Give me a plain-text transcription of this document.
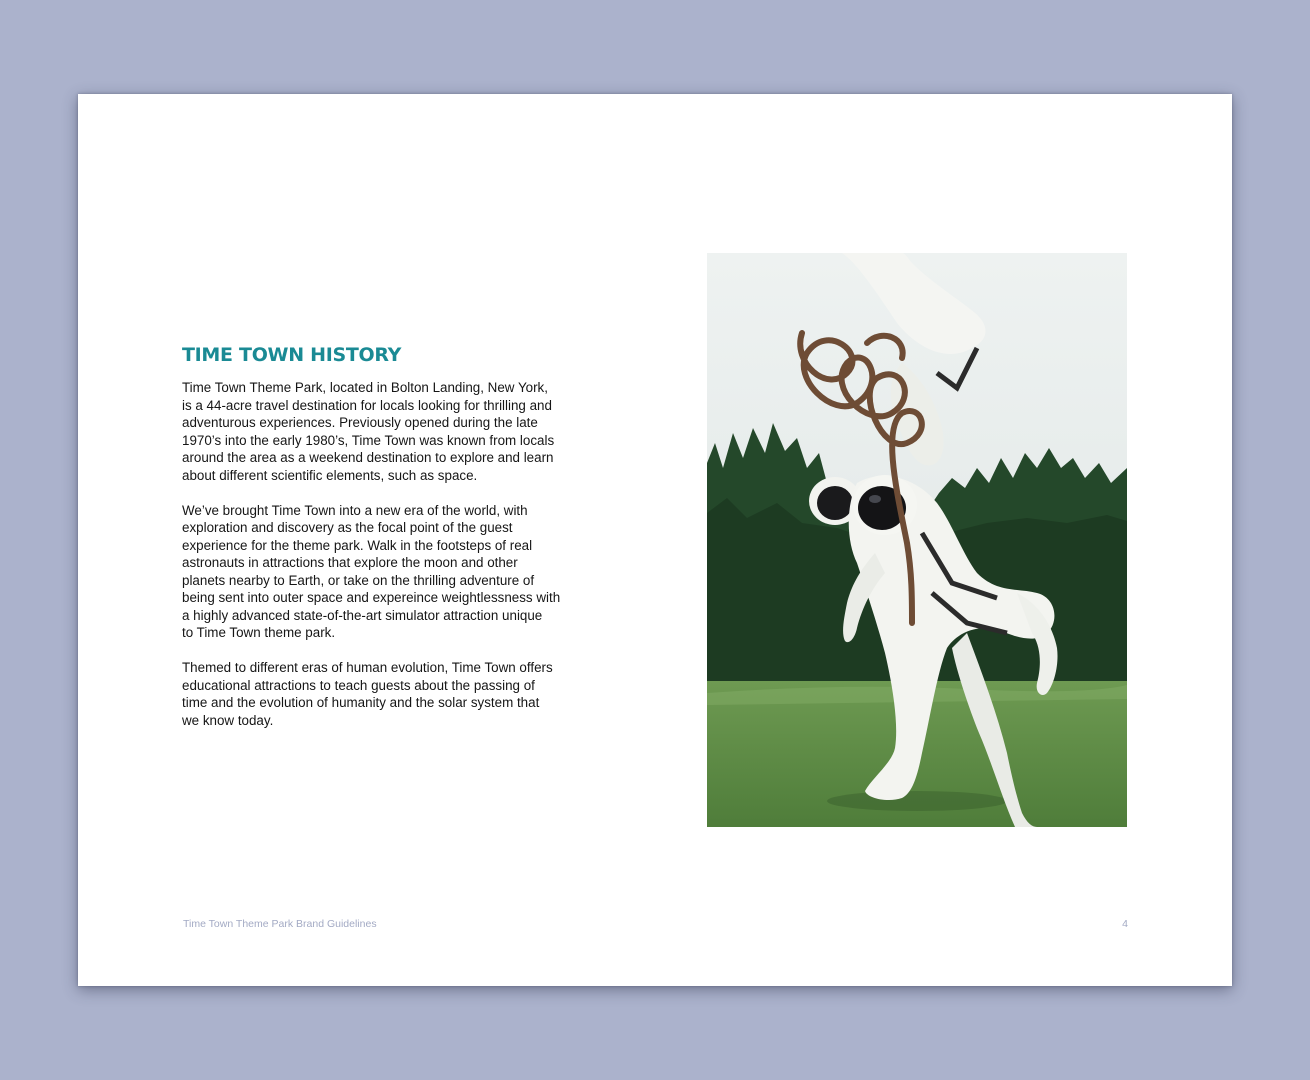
TIME TOWN HISTORY

Time Town Theme Park, located in Bolton Landing, New York,
is a 44-acre travel destination for locals looking for thrilling and
adventurous experiences. Previously opened during the late
1970’s into the early 1980’s, Time Town was known from locals
around the area as a weekend destination to explore and learn
about different scientific elements, such as space.

We’ve brought Time Town into a new era of the world, with
exploration and discovery as the focal point of the guest
experience for the theme park. Walk in the footsteps of real
astronauts in attractions that explore the moon and other
planets nearby to Earth, or take on the thrilling adventure of
being sent into outer space and expereince weightlessness with
a highly advanced state-of-the-art simulator attraction unique
to Time Town theme park.

Themed to different eras of human evolution, Time Town offers
educational attractions to teach guests about the passing of
time and the evolution of humanity and the solar system that
we know today.

Time Town Theme Park Brand Guidelines	4
